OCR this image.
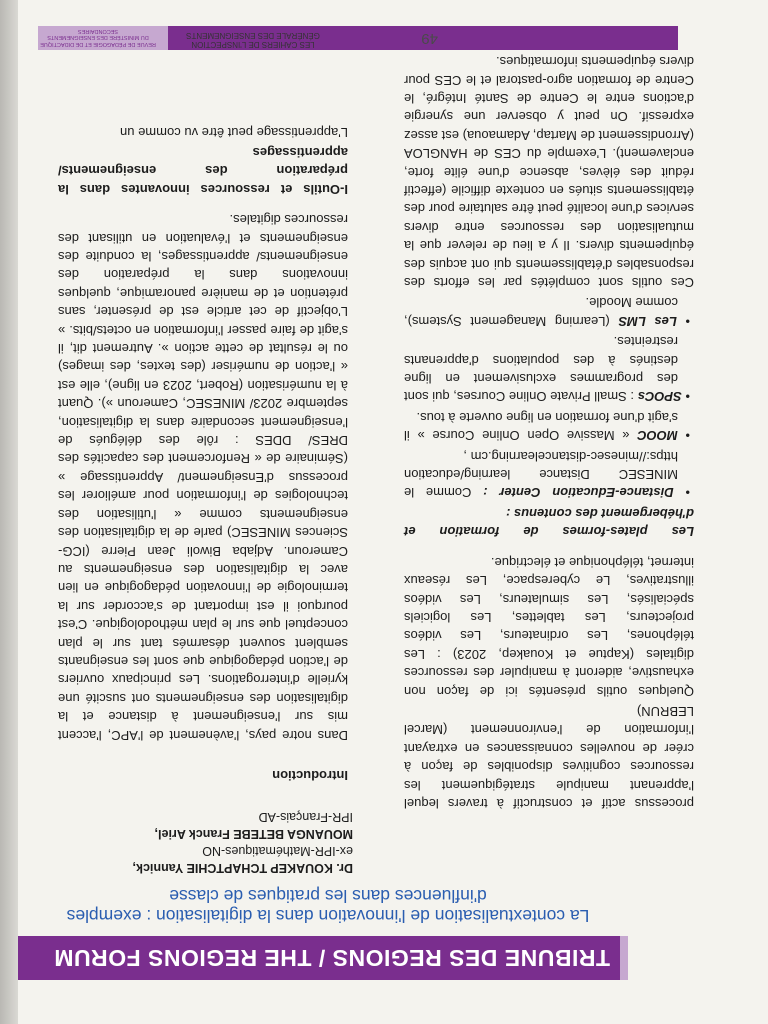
TRIBUNE DES REGIONS / THE REGIONS FORUM
La contextualisation de l'innovation dans la digitalisation : exemples d'influences dans les pratiques de classe
Dr. KOUAKEP TCHAPTCHIE Yannick,
ex-IPR-Mathématiques-NO
MOUANGA BETEBE Franck Ariel,
IPR-Français-AD

Introduction

Dans notre pays, l'avènement de l'APC, l'accent mis sur l'enseignement à distance et la digitalisation des enseignements ont suscité une kyrielle d'interrogations. Les principaux ouvriers de l'action pédagogique que sont les enseignants semblent souvent désarmés tant sur le plan conceptuel que sur le plan méthodologique. C'est pourquoi il est important de s'accorder sur la terminologie de l'innovation pédagogique en lien avec la digitalisation des enseignements au Cameroun. Adjaba Biwoli Jean Pierre (ICG-Sciences MINESEC) parle de la digitalisation des enseignements comme « l'utilisation des technologies de l'information pour améliorer les processus d'Enseignement/ Apprentissage » (Séminaire de « Renforcement des capacités des DRES/ DDES : rôle des délégués de l'enseignement secondaire dans la digitalisation, septembre 2023/ MINESEC, Cameroun »). Quant à la numérisation (Robert, 2023 en ligne), elle est « l'action de numériser (des textes, des images) ou le résultat de cette action ». Autrement dit, il s'agit de faire passer l'information en octets/bits. » L'objectif de cet article est de présenter, sans prétention et de manière panoramique, quelques innovations dans la préparation des enseignements/ apprentissages, la conduite des enseignements et l'évaluation en utilisant des ressources digitales.

I-Outils et ressources innovantes dans la préparation des enseignements/ apprentissages

L'apprentissage peut être vu comme un

processus actif et constructif à travers lequel l'apprenant manipule stratégiquement les ressources cognitives disponibles de façon à créer de nouvelles connaissances en extrayant l'information de l'environnement (Marcel LEBRUN)

Quelques outils présentés ici de façon non exhaustive, aideront à manipuler des ressources digitales (Kaptue et Kouakep, 2023) : Les téléphones, Les ordinateurs, Les vidéos projecteurs, Les tablettes, Les logiciels spécialisés, Les simulateurs, Les vidéos illustratives, Le cyberespace, Les réseaux internet, téléphonique et électrique.

Les plates-formes de formation et d'hébergement des contenus :

• Distance-Education Center : Comme le MINESEC Distance learning/education https://minesec-distancelearning.cm ,

• MOOC « Massive Open Online Course » il s'agit d'une formation en ligne ouverte à tous.

• SPOCs : Small Private Online Courses, qui sont des programmes exclusivement en ligne destinés à des populations d'apprenants restreintes.

• Les LMS (Learning Management Systems), comme Moodle.

Ces outils sont complétés par les efforts des responsables d'établissements qui ont acquis des équipements divers. Il y a lieu de relever que la mutualisation des ressources entre divers services d'une localité peut être salutaire pour des établissements situés en contexte difficile (effectif réduit des élèves, absence d'une élite forte, enclavement). L'exemple du CES de HANGLOA (Arrondissement de Martap, Adamaoua) est assez expressif. On peut y observer une synergie d'actions entre le Centre de Santé Intégré, le Centre de formation agro-pastoral et le CES pour divers équipements informatiques.

49
LES CAHIERS DE L'INSPECTION GÉNÉRALE DES ENSEIGNEMENTS
REVUE DE PÉDAGOGIE ET DE DIDACTIQUE DU MINISTÈRE DES ENSEIGNEMENTS SECONDAIRES
